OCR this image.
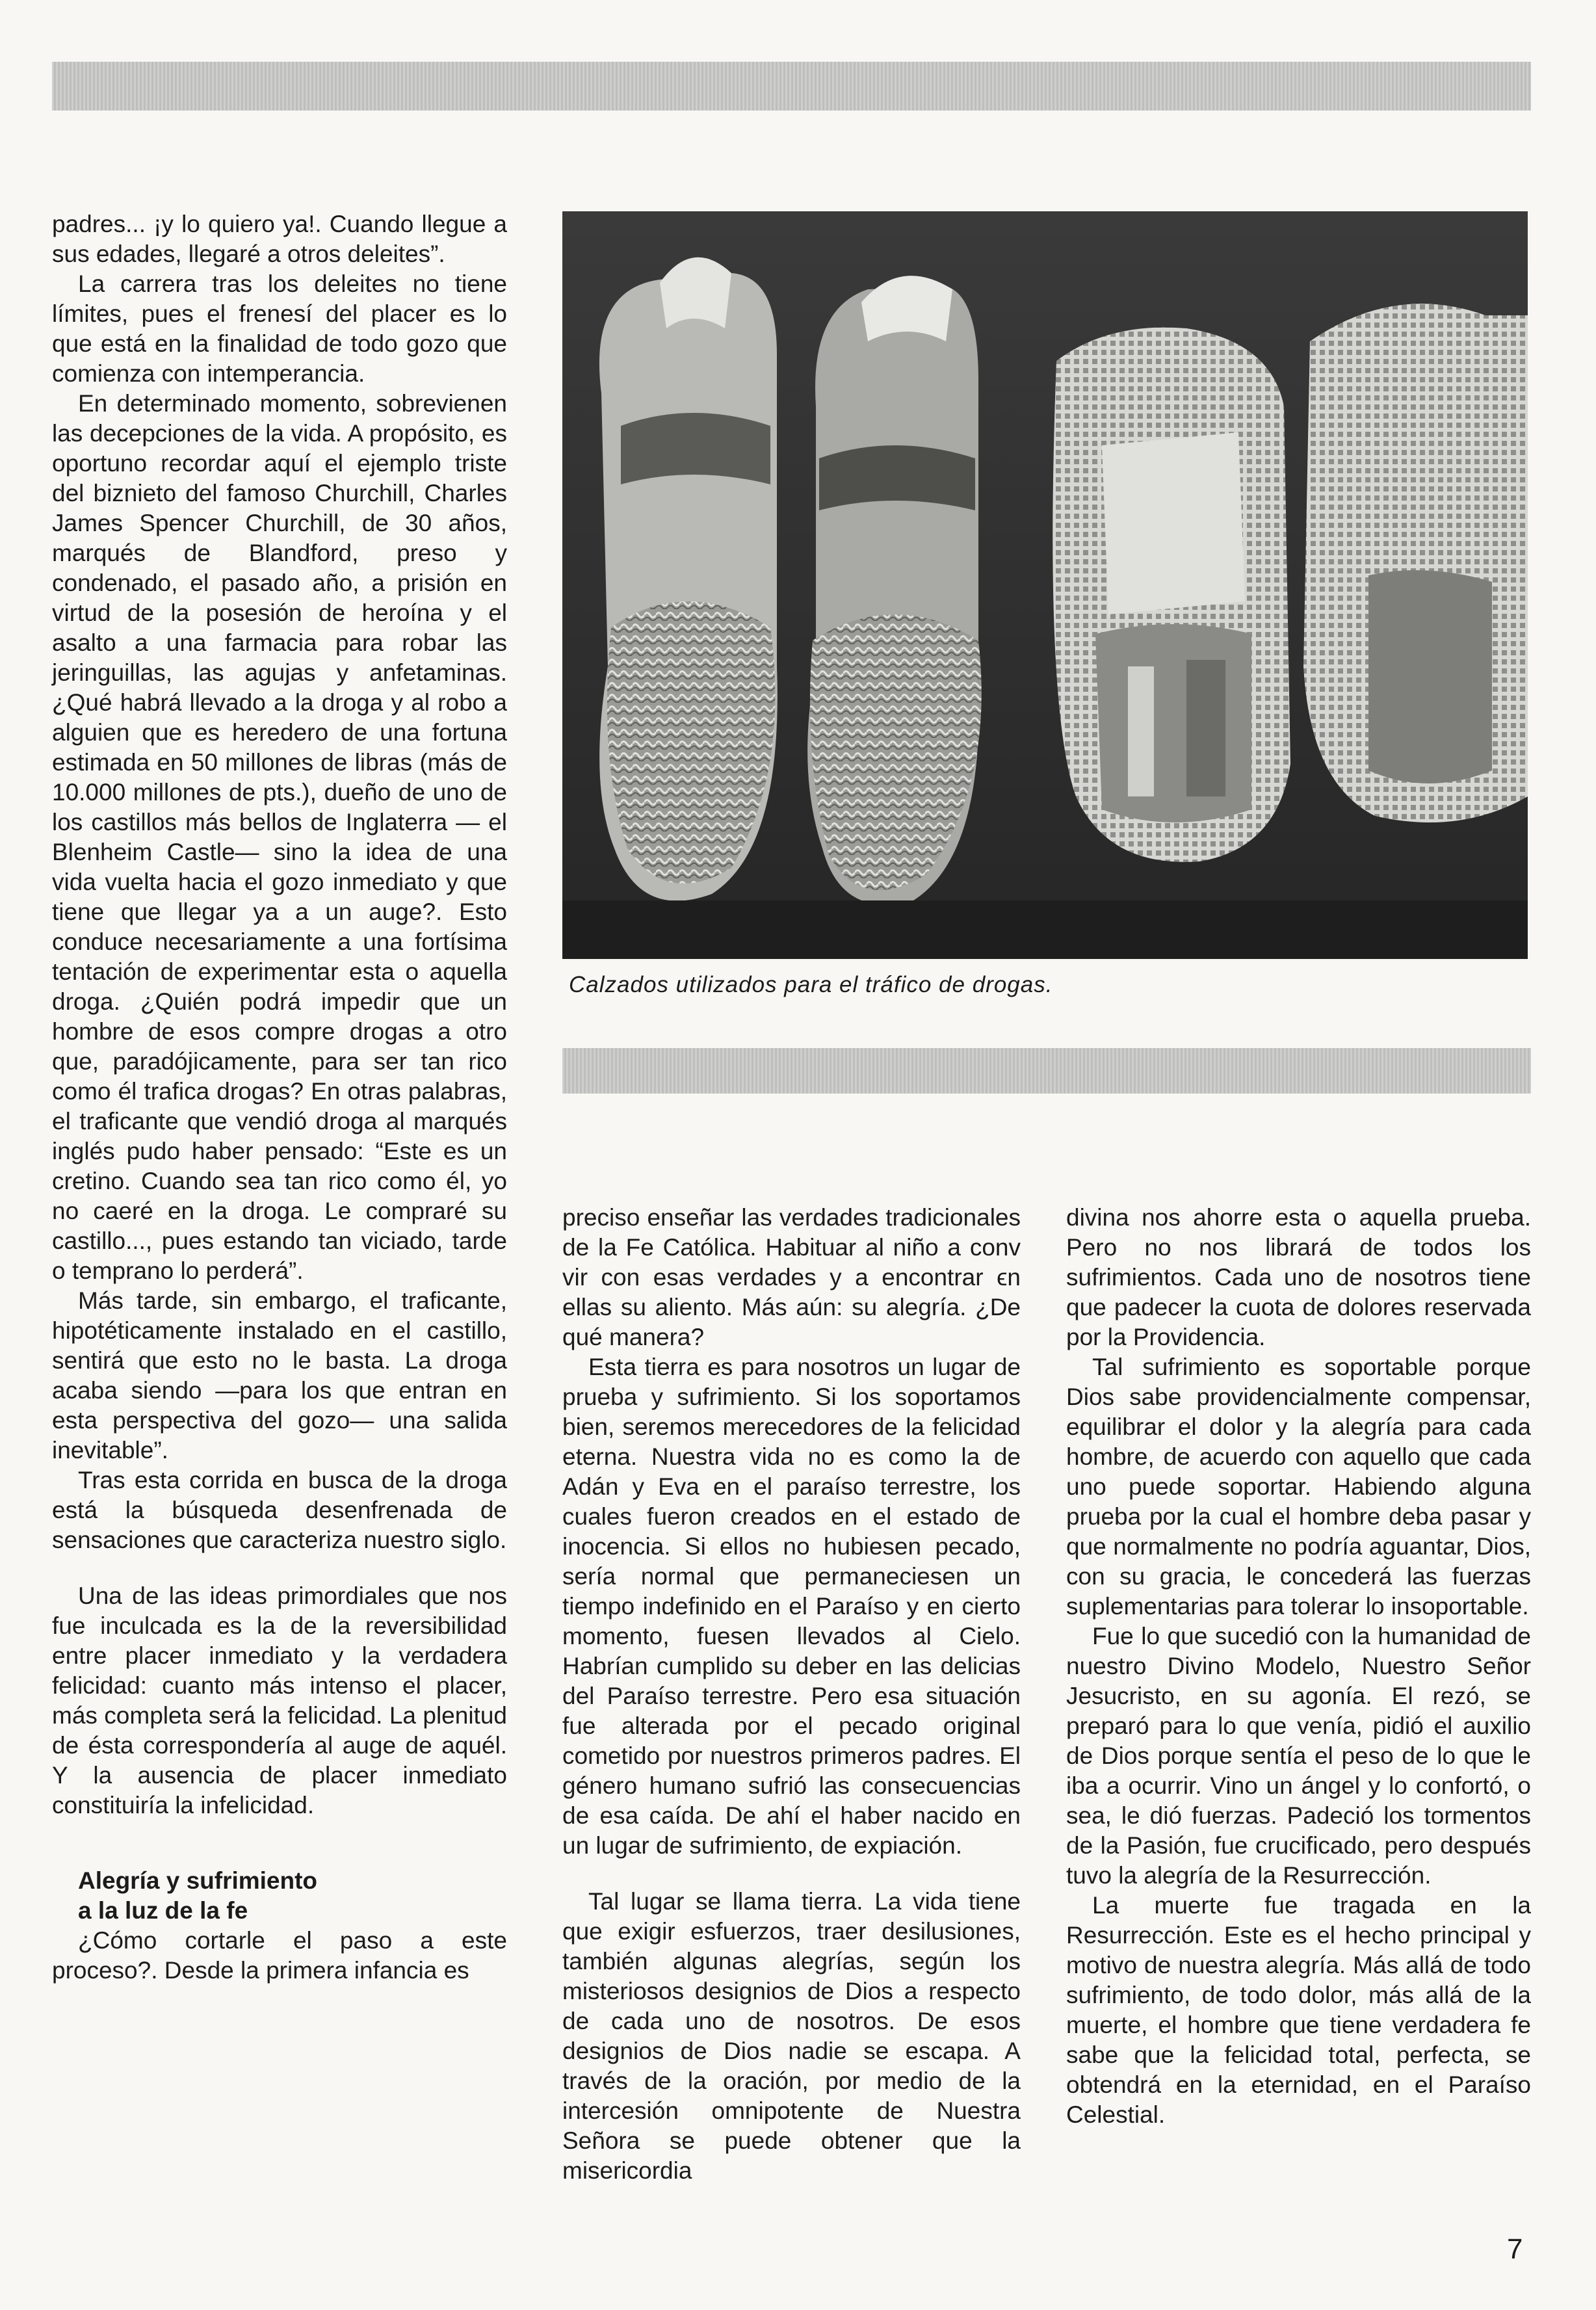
padres... ¡y lo quiero ya!. Cuando llegue a sus edades, llegaré a otros deleites”.

La carrera tras los deleites no tiene límites, pues el frenesí del placer es lo que está en la finalidad de todo gozo que comienza con intemperancia.

En determinado momento, sobrevienen las decepciones de la vida. A propósito, es oportuno recordar aquí el ejemplo triste del biznieto del famoso Churchill, Charles James Spencer Churchill, de 30 años, marqués de Blandford, preso y condenado, el pasado año, a prisión en virtud de la posesión de heroína y el asalto a una farmacia para robar las jeringuillas, las agujas y anfetaminas. ¿Qué habrá llevado a la droga y al robo a alguien que es heredero de una fortuna estimada en 50 millones de libras (más de 10.000 millones de pts.), dueño de uno de los castillos más bellos de Inglaterra — el Blenheim Castle— sino la idea de una vida vuelta hacia el gozo inmediato y que tiene que llegar ya a un auge?. Esto conduce necesariamente a una fortísima tentación de experimentar esta o aquella droga. ¿Quién podrá impedir que un hombre de esos compre drogas a otro que, paradójicamente, para ser tan rico como él trafica drogas? En otras palabras, el traficante que vendió droga al marqués inglés pudo haber pensado: “Este es un cretino. Cuando sea tan rico como él, yo no caeré en la droga. Le compraré su castillo..., pues estando tan viciado, tarde o temprano lo perderá”.

Más tarde, sin embargo, el traficante, hipotéticamente instalado en el castillo, sentirá que esto no le basta. La droga acaba siendo —para los que entran en esta perspectiva del gozo— una salida inevitable”.

Tras esta corrida en busca de la droga está la búsqueda desenfrenada de sensaciones que caracteriza nuestro siglo.

Una de las ideas primordiales que nos fue inculcada es la de la reversibilidad entre placer inmediato y la verdadera felicidad: cuanto más intenso el placer, más completa será la felicidad. La plenitud de ésta correspondería al auge de aquél. Y la ausencia de placer inmediato constituiría la infelicidad.

Alegría y sufrimiento

a la luz de la fe

¿Cómo cortarle el paso a este proceso?. Desde la primera infancia es

Calzados utilizados para el tráfico de drogas.

preciso enseñar las verdades tradicionales de la Fe Católica. Habituar al niño a conv vir con esas verdades y a encontrar ϵn ellas su aliento. Más aún: su alegría. ¿De qué manera?

Esta tierra es para nosotros un lugar de prueba y sufrimiento. Si los soportamos bien, seremos merecedores de la felicidad eterna. Nuestra vida no es como la de Adán y Eva en el paraíso terrestre, los cuales fueron creados en el estado de inocencia. Si ellos no hubiesen pecado, sería normal que permaneciesen un tiempo indefinido en el Paraíso y en cierto momento, fuesen llevados al Cielo. Habrían cumplido su deber en las delicias del Paraíso terrestre. Pero esa situación fue alterada por el pecado original cometido por nuestros primeros padres. El género humano sufrió las consecuencias de esa caída. De ahí el haber nacido en un lugar de sufrimiento, de expiación.

Tal lugar se llama tierra. La vida tiene que exigir esfuerzos, traer desilusiones, también algunas alegrías, según los misteriosos designios de Dios a respecto de cada uno de nosotros. De esos designios de Dios nadie se escapa. A través de la oración, por medio de la intercesión omnipotente de Nuestra Señora se puede obtener que la misericordia

divina nos ahorre esta o aquella prueba. Pero no nos librará de todos los sufrimientos. Cada uno de nosotros tiene que padecer la cuota de dolores reservada por la Providencia.

Tal sufrimiento es soportable porque Dios sabe providencialmente compensar, equilibrar el dolor y la alegría para cada hombre, de acuerdo con aquello que cada uno puede soportar. Habiendo alguna prueba por la cual el hombre deba pasar y que normalmente no podría aguantar, Dios, con su gracia, le concederá las fuerzas suplementarias para tolerar lo insoportable.

Fue lo que sucedió con la humanidad de nuestro Divino Modelo, Nuestro Señor Jesucristo, en su agonía. El rezó, se preparó para lo que venía, pidió el auxilio de Dios porque sentía el peso de lo que le iba a ocurrir. Vino un ángel y lo confortó, o sea, le dió fuerzas. Padeció los tormentos de la Pasión, fue crucificado, pero después tuvo la alegría de la Resurrección.

La muerte fue tragada en la Resurrección. Este es el hecho principal y motivo de nuestra alegría. Más allá de todo sufrimiento, de todo dolor, más allá de la muerte, el hombre que tiene verdadera fe sabe que la felicidad total, perfecta, se obtendrá en la eternidad, en el Paraíso Celestial.

7
